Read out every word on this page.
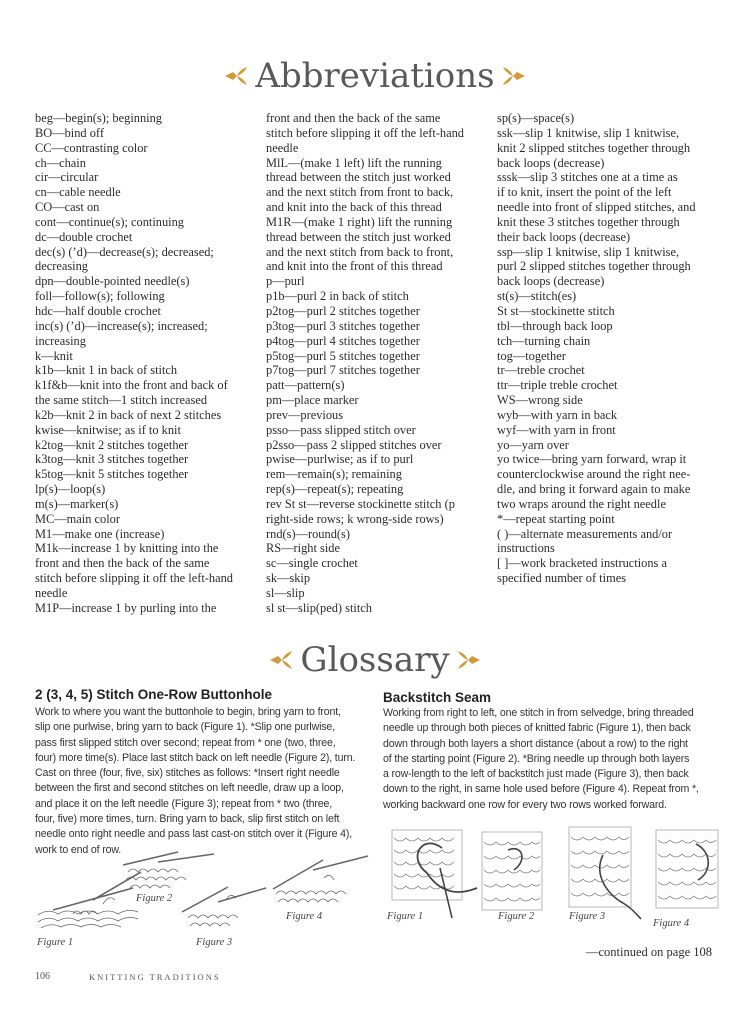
Abbreviations

beg—begin(s); beginning

BO—bind off

CC—contrasting color

ch—chain

cir—circular

cn—cable needle

CO—cast on

cont—continue(s); continuing

dc—double crochet

dec(s) (’d)—decrease(s); decreased;

decreasing

dpn—double-pointed needle(s)

foll—follow(s); following

hdc—half double crochet

inc(s) (’d)—increase(s); increased;

increasing

k—knit

k1b—knit 1 in back of stitch

k1f&b—knit into the front and back of

the same stitch—1 stitch increased

k2b—knit 2 in back of next 2 stitches

kwise—knitwise; as if to knit

k2tog—knit 2 stitches together

k3tog—knit 3 stitches together

k5tog—knit 5 stitches together

lp(s)—loop(s)

m(s)—marker(s)

MC—main color

M1—make one (increase)

M1k—increase 1 by knitting into the

front and then the back of the same

stitch before slipping it off the left-hand

needle

M1P—increase 1 by purling into the

front and then the back of the same

stitch before slipping it off the left-hand

needle

MlL—(make 1 left) lift the running

thread between the stitch just worked

and the next stitch from front to back,

and knit into the back of this thread

M1R—(make 1 right) lift the running

thread between the stitch just worked

and the next stitch from back to front,

and knit into the front of this thread

p—purl

p1b—purl 2 in back of stitch

p2tog—purl 2 stitches together

p3tog—purl 3 stitches together

p4tog—purl 4 stitches together

p5tog—purl 5 stitches together

p7tog—purl 7 stitches together

patt—pattern(s)

pm—place marker

prev—previous

psso—pass slipped stitch over

p2sso—pass 2 slipped stitches over

pwise—purlwise; as if to purl

rem—remain(s); remaining

rep(s)—repeat(s); repeating

rev St st—reverse stockinette stitch (p

right-side rows; k wrong-side rows)

rnd(s)—round(s)

RS—right side

sc—single crochet

sk—skip

sl—slip

sl st—slip(ped) stitch

sp(s)—space(s)

ssk—slip 1 knitwise, slip 1 knitwise,

knit 2 slipped stitches together through

back loops (decrease)

sssk—slip 3 stitches one at a time as

if to knit, insert the point of the left

needle into front of slipped stitches, and

knit these 3 stitches together through

their back loops (decrease)

ssp—slip 1 knitwise, slip 1 knitwise,

purl 2 slipped stitches together through

back loops (decrease)

st(s)—stitch(es)

St st—stockinette stitch

tbl—through back loop

tch—turning chain

tog—together

tr—treble crochet

ttr—triple treble crochet

WS—wrong side

wyb—with yarn in back

wyf—with yarn in front

yo—yarn over

yo twice—bring yarn forward, wrap it

counterclockwise around the right nee-

dle, and bring it forward again to make

two wraps around the right needle

*—repeat starting point

( )—alternate measurements and/or

instructions

[ ]—work bracketed instructions a

specified number of times

Glossary
2 (3, 4, 5) Stitch One-Row Buttonhole
Work to where you want the buttonhole to begin, bring yarn to front,
slip one purlwise, bring yarn to back (Figure 1). *Slip one purlwise,
pass first slipped stitch over second; repeat from * one (two, three,
four) more time(s). Place last stitch back on left needle (Figure 2), turn.
Cast on three (four, five, six) stitches as follows: *Insert right needle
between the first and second stitches on left needle, draw up a loop,
and place it on the left needle (Figure 3); repeat from * two (three,
four, five) more times, turn. Bring yarn to back, slip first stitch on left
needle onto right needle and pass last cast-on stitch over it (Figure 4),
work to end of row.
Backstitch Seam
Working from right to left, one stitch in from selvedge, bring threaded
needle up through both pieces of knitted fabric (Figure 1), then back
down through both layers a short distance (about a row) to the right
of the starting point (Figure 2). *Bring needle up through both layers
a row-length to the left of backstitch just made (Figure 3), then back
down to the right, in same hole used before (Figure 4). Repeat from *,
working backward one row for every two rows worked forward.
Figure 1
Figure 2
Figure 3
Figure 4	Figure 1	Figure 2	Figure 3
Figure 4
—continued on page 108
106	KNITTING TRADITIONS
